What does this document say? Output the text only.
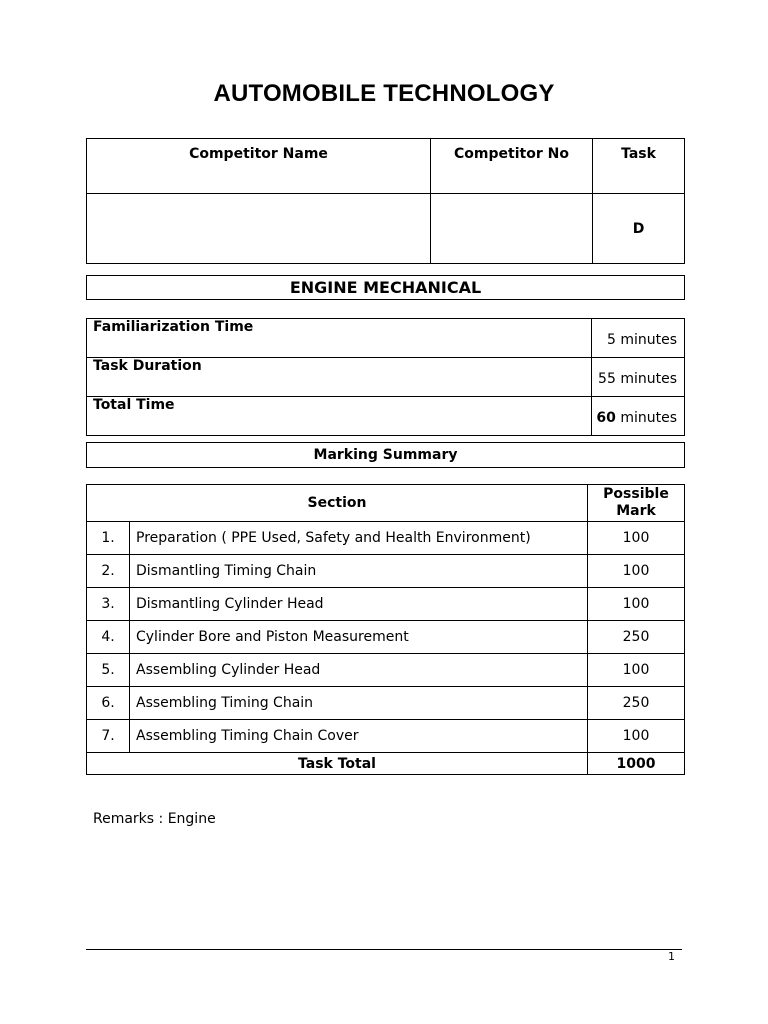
AUTOMOBILE TECHNOLOGY
Competitor Name	Competitor No	Task
		D
ENGINE MECHANICAL
Familiarization Time	5 minutes
Task Duration	55 minutes
Total Time	60 minutes
Marking Summary
Section		Possible
Mark
1.	Preparation ( PPE Used, Safety and Health Environment)	100
2.	Dismantling Timing Chain	100
3.	Dismantling Cylinder Head	100
4.	Cylinder Bore and Piston Measurement	250
5.	Assembling Cylinder Head	100
6.	Assembling Timing Chain	250
7.	Assembling Timing Chain Cover	100
Task Total		1000
Remarks : Engine
1
